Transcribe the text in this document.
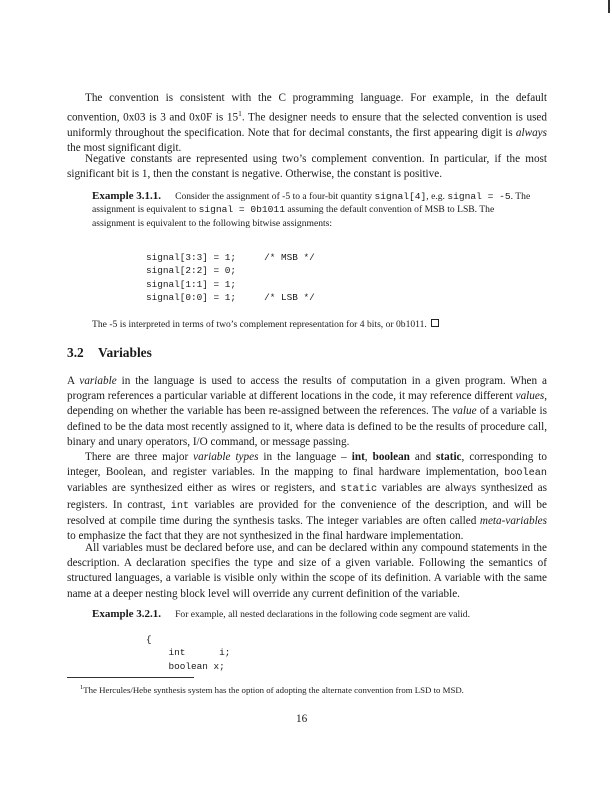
The convention is consistent with the C programming language. For example, in the default convention, 0x03 is 3 and 0x0F is $15^1$. The designer needs to ensure that the selected convention is used uniformly throughout the specification. Note that for decimal constants, the first appearing digit is always the most significant digit.

Negative constants are represented using two’s complement convention. In particular, if the most significant bit is 1, then the constant is negative. Otherwise, the constant is positive.

Example 3.1.1. Consider the assignment of -5 to a four-bit quantity signal[4], e.g. signal = -5. The assignment is equivalent to signal = 0b1011 assuming the default convention of MSB to LSB. The assignment is equivalent to the following bitwise assignments:

signal[3:3] = 1;     /* MSB */
signal[2:2] = 0;
signal[1:1] = 1;
signal[0:0] = 1;     /* LSB */

The -5 is interpreted in terms of two’s complement representation for 4 bits, or 0b1011.

3.2 Variables

A variable in the language is used to access the results of computation in a given program. When a program references a particular variable at different locations in the code, it may reference different values, depending on whether the variable has been re-assigned between the references. The value of a variable is defined to be the data most recently assigned to it, where data is defined to be the results of procedure call, binary and unary operators, I/O command, or message passing.

There are three major variable types in the language – int, boolean and static, corresponding to integer, Boolean, and register variables. In the mapping to final hardware implementation, boolean variables are synthesized either as wires or registers, and static variables are always synthesized as registers. In contrast, int variables are provided for the convenience of the description, and will be resolved at compile time during the synthesis tasks. The integer variables are often called meta-variables to emphasize the fact that they are not synthesized in the final hardware implementation.

All variables must be declared before use, and can be declared within any compound statements in the description. A declaration specifies the type and size of a given variable. Following the semantics of structured languages, a variable is visible only within the scope of its definition. A variable with the same name at a deeper nesting block level will override any current definition of the variable.

Example 3.2.1. For example, all nested declarations in the following code segment are valid.

{
int      i;
boolean x;

$^1$The Hercules/Hebe synthesis system has the option of adopting the alternate convention from LSD to MSD.

16
